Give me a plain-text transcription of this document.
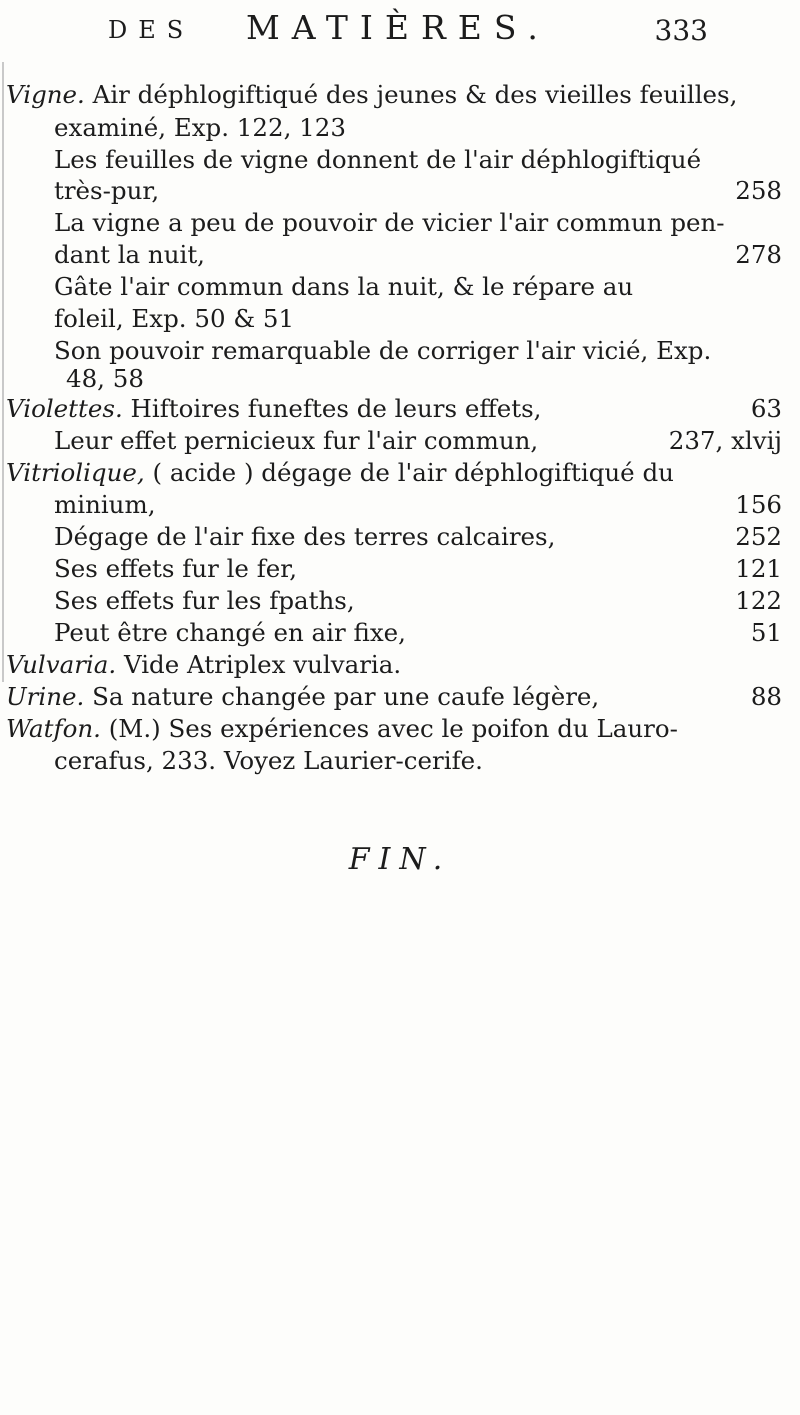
DES MATIÈRES.	333
Vigne. Air déphlogiftiqué des jeunes & des vieilles feuilles,
examiné, Exp. 122, 123
Les feuilles de vigne donnent de l'air déphlogiftiqué
très-pur,	258
La vigne a peu de pouvoir de vicier l'air commun pen-
dant la nuit,	278
Gâte l'air commun dans la nuit, & le répare au
foleil, Exp. 50 & 51
Son pouvoir remarquable de corriger l'air vicié, Exp.
48, 58
Violettes. Hiftoires funeftes de leurs effets,	63
Leur effet pernicieux fur l'air commun,	237, xlvij
Vitriolique, ( acide ) dégage de l'air déphlogiftiqué du
minium,	156
Dégage de l'air fixe des terres calcaires,	252
Ses effets fur le fer,	121
Ses effets fur les fpaths,	122
Peut être changé en air fixe,	51
Vulvaria. Vide Atriplex vulvaria.
Urine. Sa nature changée par une caufe légère,	88
Watfon. (M.) Ses expériences avec le poifon du Lauro-
cerafus, 233. Voyez Laurier-cerife.
FIN.
